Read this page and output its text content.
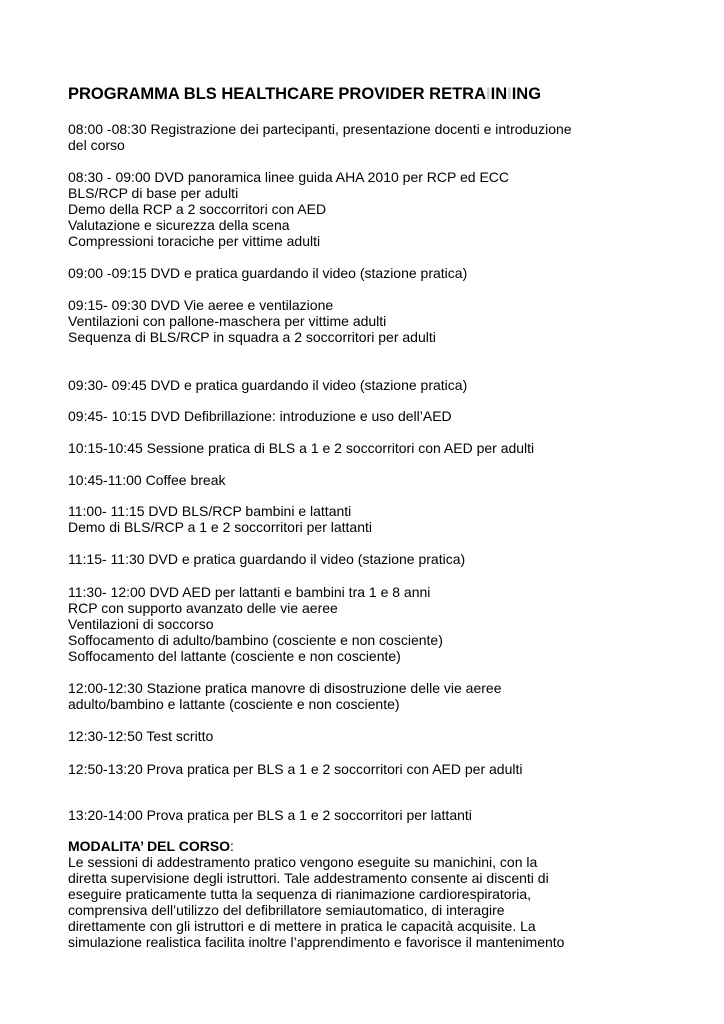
PROGRAMMA BLS HEALTHCARE PROVIDER RETRAIINIING
08:00 -08:30 Registrazione dei partecipanti, presentazione docenti e introduzione
del corso
08:30 - 09:00 DVD panoramica linee guida AHA 2010 per RCP ed ECC
BLS/RCP di base per adulti
Demo della RCP a 2 soccorritori con AED
Valutazione e sicurezza della scena
Compressioni toraciche per vittime adulti
09:00 -09:15 DVD e pratica guardando il video (stazione pratica)
09:15- 09:30 DVD Vie aeree e ventilazione
Ventilazioni con pallone-maschera per vittime adulti
Sequenza di BLS/RCP in squadra a 2 soccorritori per adulti
09:30- 09:45 DVD e pratica guardando il video (stazione pratica)
09:45- 10:15 DVD Defibrillazione: introduzione e uso dell’AED
10:15-10:45 Sessione pratica di BLS a 1 e 2 soccorritori con AED per adulti
10:45-11:00 Coffee break
11:00- 11:15 DVD BLS/RCP bambini e lattanti
Demo di BLS/RCP a 1 e 2 soccorritori per lattanti
11:15- 11:30 DVD e pratica guardando il video (stazione pratica)
11:30- 12:00 DVD AED per lattanti e bambini tra 1 e 8 anni
RCP con supporto avanzato delle vie aeree
Ventilazioni di soccorso
Soffocamento di adulto/bambino (cosciente e non cosciente)
Soffocamento del lattante (cosciente e non cosciente)
12:00-12:30 Stazione pratica manovre di disostruzione delle vie aeree
adulto/bambino e lattante (cosciente e non cosciente)
12:30-12:50 Test scritto
12:50-13:20 Prova pratica per BLS a 1 e 2 soccorritori con AED per adulti
13:20-14:00 Prova pratica per BLS a 1 e 2 soccorritori per lattanti
MODALITA’ DEL CORSO:
Le sessioni di addestramento pratico vengono eseguite su manichini, con la
diretta supervisione degli istruttori. Tale addestramento consente ai discenti di
eseguire praticamente tutta la sequenza di rianimazione cardiorespiratoria,
comprensiva dell’utilizzo del defibrillatore semiautomatico, di interagire
direttamente con gli istruttori e di mettere in pratica le capacità acquisite. La
simulazione realistica facilita inoltre l’apprendimento e favorisce il mantenimento
